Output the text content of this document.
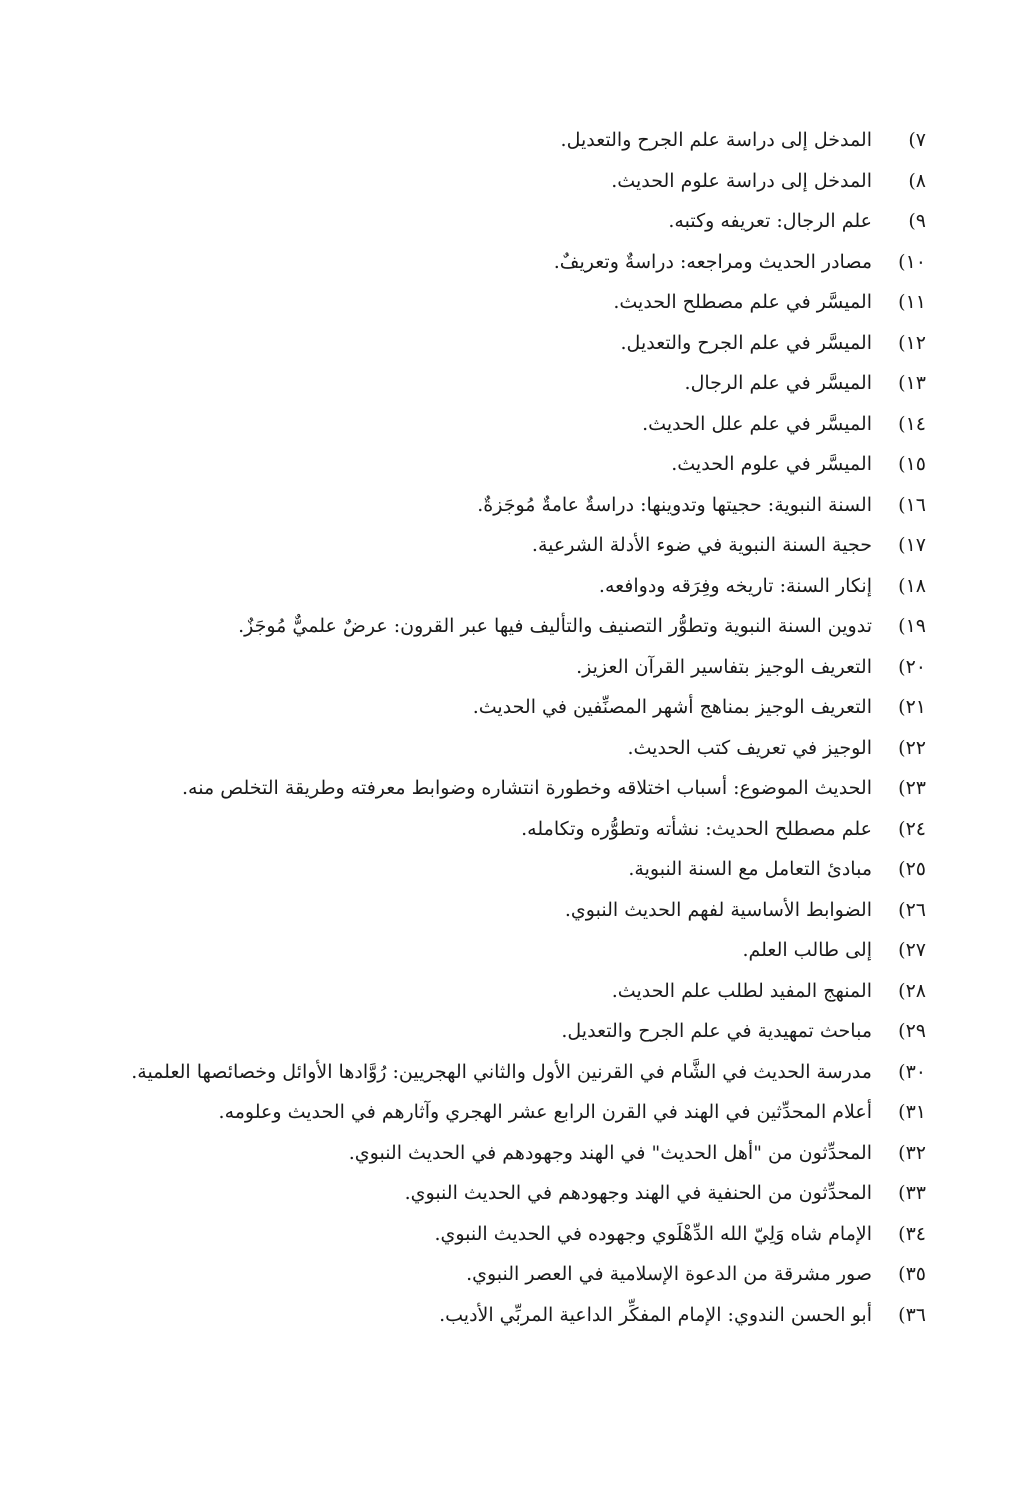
٧)
المدخل إلى دراسة علم الجرح والتعديل.
٨)
المدخل إلى دراسة علوم الحديث.
٩)
علم الرجال: تعريفه وكتبه.
١٠)
مصادر الحديث ومراجعه: دراسةٌ وتعريفٌ.
١١)
الميسَّر في علم مصطلح الحديث.
١٢)
الميسَّر في علم الجرح والتعديل.
١٣)
الميسَّر في علم الرجال.
١٤)
الميسَّر في علم علل الحديث.
١٥)
الميسَّر في علوم الحديث.
١٦)
السنة النبوية: حجيتها وتدوينها: دراسةٌ عامةٌ مُوجَزةٌ.
١٧)
حجية السنة النبوية في ضوء الأدلة الشرعية.
١٨)
إنكار السنة: تاريخه وفِرَقه ودوافعه.
١٩)
تدوين السنة النبوية وتطوُّر التصنيف والتأليف فيها عبر القرون: عرضٌ علميٌّ مُوجَزٌ.
٢٠)
التعريف الوجيز بتفاسير القرآن العزيز.
٢١)
التعريف الوجيز بمناهج أشهر المصنِّفين في الحديث.
٢٢)
الوجيز في تعريف كتب الحديث.
٢٣)
الحديث الموضوع: أسباب اختلاقه وخطورة انتشاره وضوابط معرفته وطريقة التخلص منه.
٢٤)
علم مصطلح الحديث: نشأته وتطوُّره وتكامله.
٢٥)
مبادئ التعامل مع السنة النبوية.
٢٦)
الضوابط الأساسية لفهم الحديث النبوي.
٢٧)
إلى طالب العلم.
٢٨)
المنهج المفيد لطلب علم الحديث.
٢٩)
مباحث تمهيدية في علم الجرح والتعديل.
٣٠)
مدرسة الحديث في الشَّام في القرنين الأول والثاني الهجريين: رُوَّادها الأوائل وخصائصها العلمية.
٣١)
أعلام المحدِّثين في الهند في القرن الرابع عشر الهجري وآثارهم في الحديث وعلومه.
٣٢)
المحدِّثون من "أهل الحديث" في الهند وجهودهم في الحديث النبوي.
٣٣)
المحدِّثون من الحنفية في الهند وجهودهم في الحديث النبوي.
٣٤)
الإمام شاه وَلِيّ الله الدِّهْلَوي وجهوده في الحديث النبوي.
٣٥)
صور مشرقة من الدعوة الإسلامية في العصر النبوي.
٣٦)
أبو الحسن الندوي: الإمام المفكِّر الداعية المربِّي الأديب.
